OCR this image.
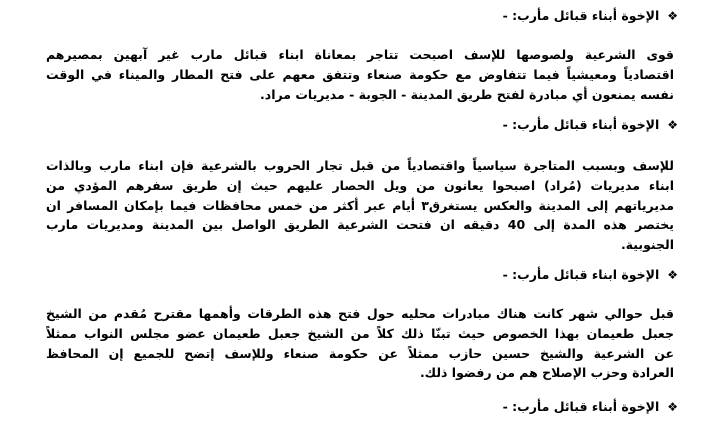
❖الإخوة أبناء قبائل مأرب: -
قوى الشرعية ولصوصها للإسف اصبحت تتاجر بمعاناة ابناء قبائل مارب غير آبهين بمصيرهم
اقتصادياً ومعيشياً فيما تتفاوض مع حكومة صنعاء وتتفق معهم على فتح المطار والميناء في الوقت
نفسه يمنعون أي مبادرة لفتح طريق المدينة - الجوبة - مديريات مراد.
❖الإخوة أبناء قبائل مأرب: -
للإسف وبسبب المتاجرة سياسياً واقتصادياً من قبل تجار الحروب بالشرعية فإن ابناء مارب وبالذات
ابناء مديريات (مُراد) اصبحوا يعانون من ويل الحصار عليهم حيث إن طريق سفرهم المؤدي من
مديرياتهم إلى المدينة والعكس يستغرق٣ أيام عبر أكثر من خمس محافظات فيما بإمكان المسافر ان
يختصر هذه المدة إلى 40 دقيقه ان فتحت الشرعية الطريق الواصل بين المدينة ومديريات مارب
الجنوبية.
❖الإخوة ابناء قبائل مأرب: -
قبل حوالي شهر كانت هناك مبادرات محليه حول فتح هذه الطرقات وأهمها مقترح مُقدم من الشيخ
جعبل طعيمان بهذا الخصوص حيث تبنّا ذلك كلاً من الشيخ جعبل طعيمان عضو مجلس النواب ممثلاً
عن الشرعية والشيخ حسين حازب ممثلاً عن حكومة صنعاء وللإسف إتضح للجميع إن المحافظ
العرادة وحزب الإصلاح هم من رفضوا ذلك.
❖الإخوة أبناء قبائل مأرب: -
